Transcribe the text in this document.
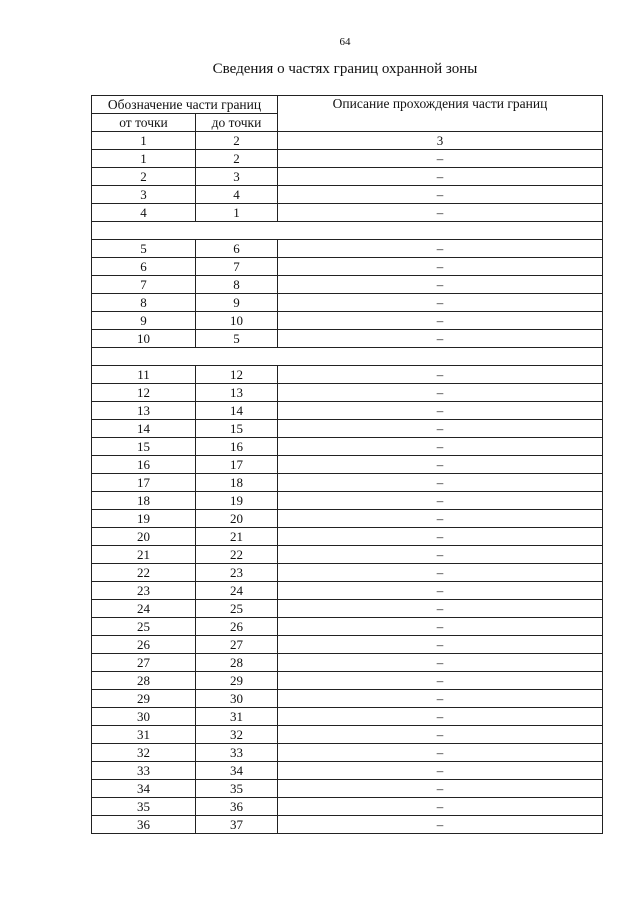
64
Сведения о частях границ охранной зоны
Обозначение части границ		Описание прохождения части границ
от точки	до точки	
1	2	3
1	2	–
2	3	–
3	4	–
4	1	–

5	6	–
6	7	–
7	8	–
8	9	–
9	10	–
10	5	–

11	12	–
12	13	–
13	14	–
14	15	–
15	16	–
16	17	–
17	18	–
18	19	–
19	20	–
20	21	–
21	22	–
22	23	–
23	24	–
24	25	–
25	26	–
26	27	–
27	28	–
28	29	–
29	30	–
30	31	–
31	32	–
32	33	–
33	34	–
34	35	–
35	36	–
36	37	–
